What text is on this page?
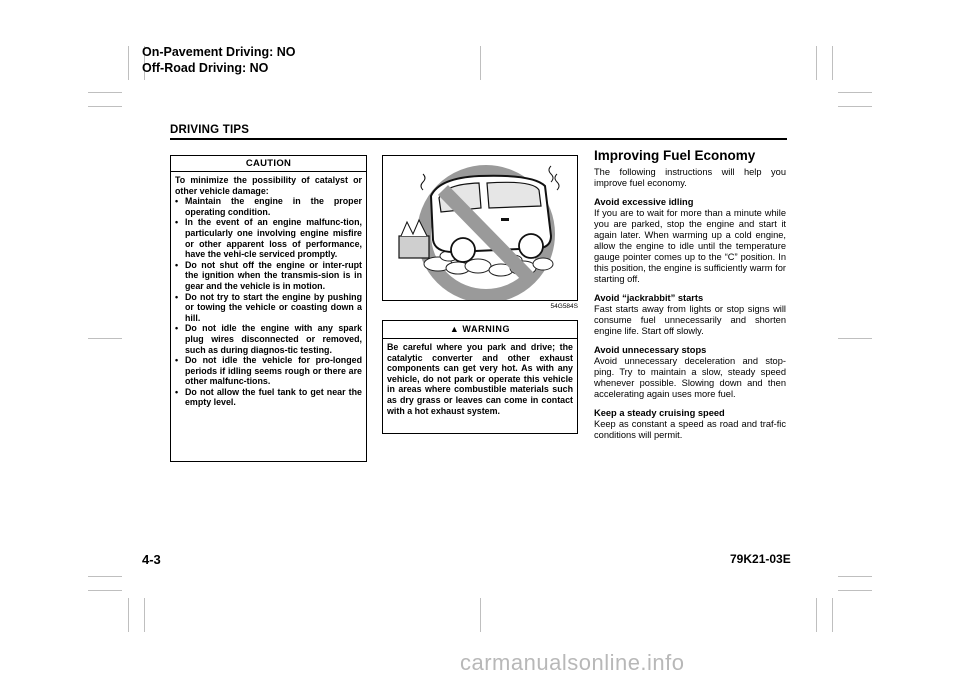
On-Pavement Driving: NO
Off-Road Driving: NO
DRIVING TIPS
CAUTION
To minimize the possibility of catalyst or other vehicle damage:
• Maintain the engine in the proper operating condition.
• In the event of an engine malfunc-tion, particularly one involving engine misfire or other apparent loss of performance, have the vehi-cle serviced promptly.
• Do not shut off the engine or inter-rupt the ignition when the transmis-sion is in gear and the vehicle is in motion.
• Do not try to start the engine by pushing or towing the vehicle or coasting down a hill.
• Do not idle the engine with any spark plug wires disconnected or removed, such as during diagnos-tic testing.
• Do not idle the vehicle for pro-longed periods if idling seems rough or there are other malfunc-tions.
• Do not allow the fuel tank to get near the empty level.
54G584S
▲ WARNING
Be careful where you park and drive; the catalytic converter and other exhaust components can get very hot. As with any vehicle, do not park or operate this vehicle in areas where combustible materials such as dry grass or leaves can come in contact with a hot exhaust system.
Improving Fuel Economy

The following instructions will help you improve fuel economy.

Avoid excessive idling
If you are to wait for more than a minute while you are parked, stop the engine and start it again later. When warming up a cold engine, allow the engine to idle until the temperature gauge pointer comes up to the “C” position. In this position, the engine is sufficiently warm for starting off.

Avoid “jackrabbit” starts
Fast starts away from lights or stop signs will consume fuel unnecessarily and shorten engine life. Start off slowly.

Avoid unnecessary stops
Avoid unnecessary deceleration and stop-ping. Try to maintain a slow, steady speed whenever possible. Slowing down and then accelerating again uses more fuel.

Keep a steady cruising speed
Keep as constant a speed as road and traf-fic conditions will permit.

4-3	79K21-03E
carmanualsonline.info
